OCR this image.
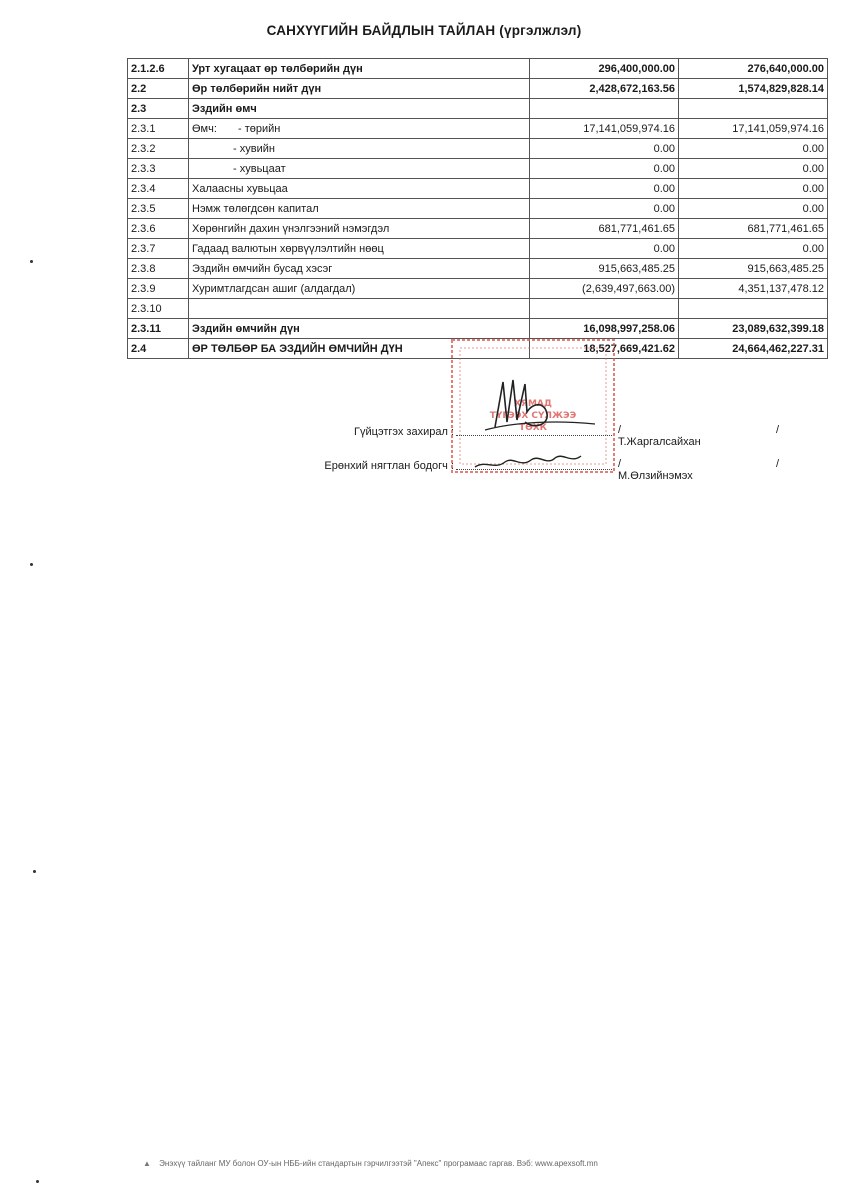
САНХҮҮГИЙН БАЙДЛЫН ТАЙЛАН (үргэлжлэл)
2.1.2.6	Урт хугацаат өр төлбөрийн дүн	296,400,000.00	276,640,000.00
2.2	Өр төлбөрийн нийт дүн	2,428,672,163.56	1,574,829,828.14
2.3	Эздийн өмч		
2.3.1	Өмч: - төрийн	17,141,059,974.16	17,141,059,974.16
2.3.2	- хувийн	0.00	0.00
2.3.3	- хувьцаат	0.00	0.00
2.3.4	Халаасны хувьцаа	0.00	0.00
2.3.5	Нэмж төлөгдсөн капитал	0.00	0.00
2.3.6	Хөрөнгийн дахин үнэлгээний нэмэгдэл	681,771,461.65	681,771,461.65
2.3.7	Гадаад валютын хөрвүүлэлтийн нөөц	0.00	0.00
2.3.8	Эздийн өмчийн бусад хэсэг	915,663,485.25	915,663,485.25
2.3.9	Хуримтлагдсан ашиг (алдагдал)	(2,639,497,663.00)	4,351,137,478.12
2.3.10			
2.3.11	Эздийн өмчийн дүн	16,098,997,258.06	23,089,632,399.18
2.4	ӨР ТӨЛБӨР БА ЭЗДИЙН ӨМЧИЙН ДҮН	18,527,669,421.62	24,664,462,227.31
ХЯМАД
ТҮГЭЭХ СҮЛЖЭЭ
ТӨХК
Гүйцэтгэх захирал :	/ Т.Жаргалсайхан
/
Ерөнхий нягтлан бодогч :	/ М.Өлзийнэмэх
/
▲ Энэхүү тайланг МУ болон ОУ-ын НББ-ийн стандартын гэрчилгээтэй "Апекс" програмаас гаргав. Вэб: www.apexsoft.mn
